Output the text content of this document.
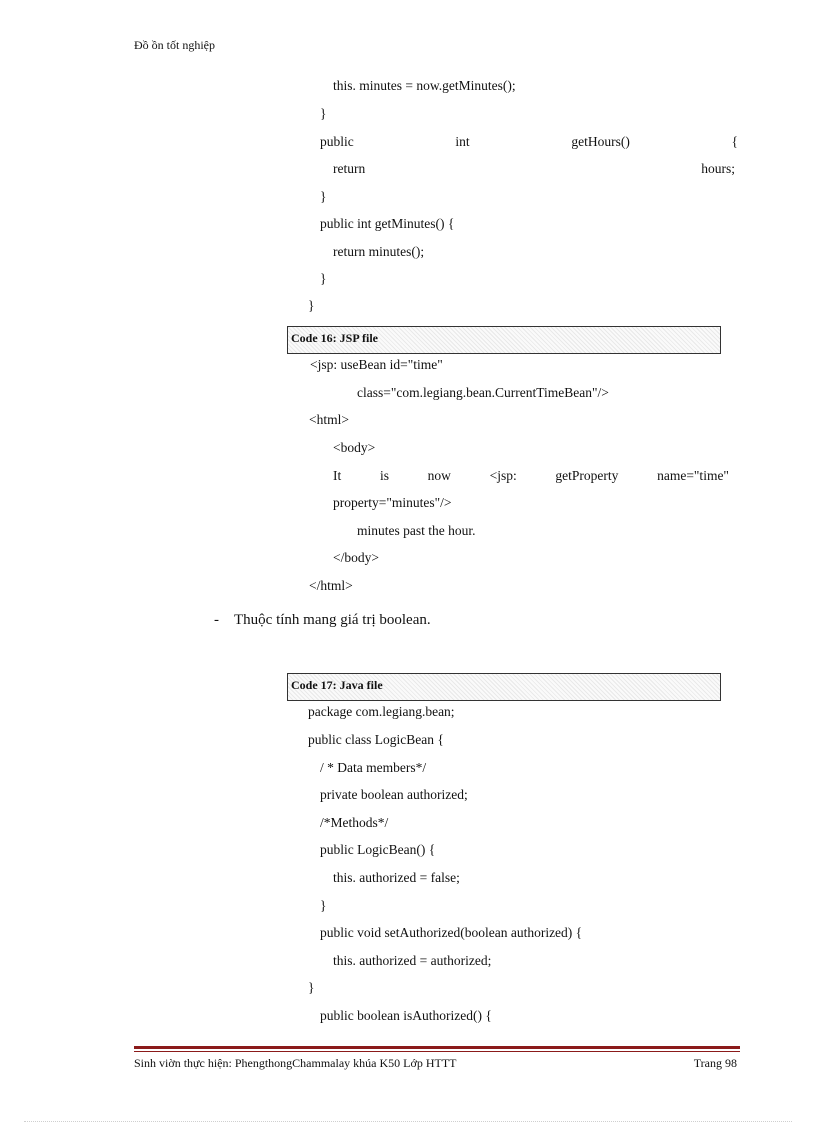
Đồ ồn tốt nghiệp
this. minutes = now.getMinutes();
}
public	int	getHours()	{
return	hours;
}
public int getMinutes() {
return minutes();
}
}
Code 16: JSP file
<jsp: useBean id="time"
class="com.legiang.bean.CurrentTimeBean"/>
<html>
<body>
It	is	now	<jsp:	getProperty	name="time"
property="minutes"/>
minutes past the hour.
</body>
</html>
- Thuộc tính mang giá trị boolean.
Code 17: Java file
package com.legiang.bean;
public class LogicBean {
/ * Data members*/
private boolean authorized;
/*Methods*/
public LogicBean() {
this. authorized = false;
}
public void setAuthorized(boolean authorized) {
this. authorized = authorized;
}
public boolean isAuthorized() {
Sinh viờn thực hiện: PhengthongChammalay khúa K50 Lớp HTTT	Trang 98
